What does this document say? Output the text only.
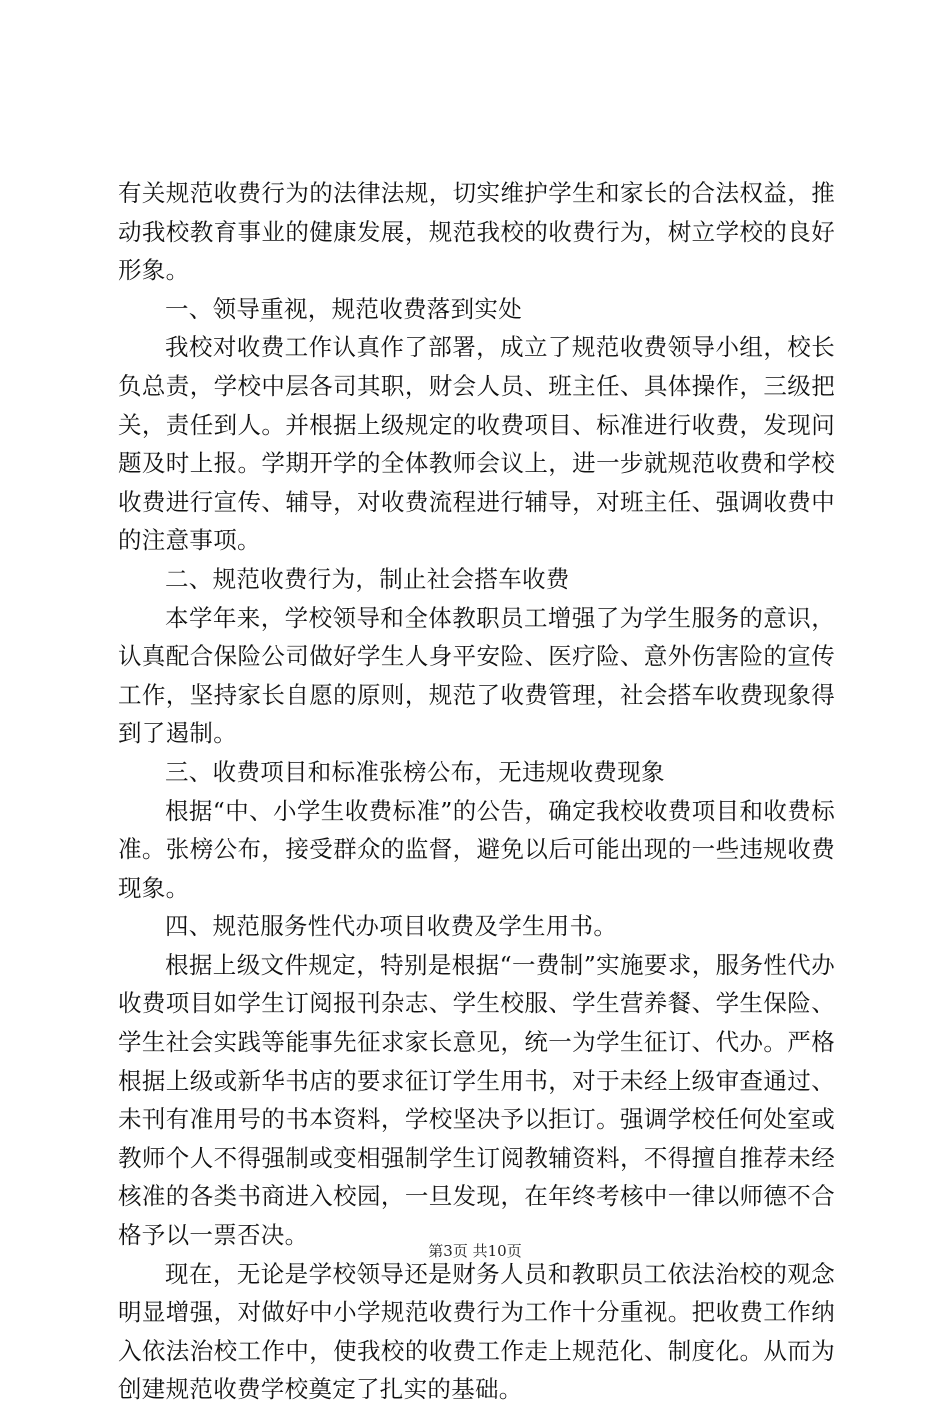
有关规范收费行为的法律法规，切实维护学生和家长的合法权益，推动我校教育事业的健康发展，规范我校的收费行为，树立学校的良好形象。

一、领导重视，规范收费落到实处

我校对收费工作认真作了部署，成立了规范收费领导小组，校长负总责，学校中层各司其职，财会人员、班主任、具体操作，三级把关，责任到人。并根据上级规定的收费项目、标准进行收费，发现问题及时上报。学期开学的全体教师会议上，进一步就规范收费和学校收费进行宣传、辅导，对收费流程进行辅导，对班主任、强调收费中的注意事项。

二、规范收费行为，制止社会搭车收费

本学年来，学校领导和全体教职员工增强了为学生服务的意识，认真配合保险公司做好学生人身平安险、医疗险、意外伤害险的宣传工作，坚持家长自愿的原则，规范了收费管理，社会搭车收费现象得到了遏制。

三、收费项目和标准张榜公布，无违规收费现象

根据“中、小学生收费标准”的公告，确定我校收费项目和收费标准。张榜公布，接受群众的监督，避免以后可能出现的一些违规收费现象。

四、规范服务性代办项目收费及学生用书。

根据上级文件规定，特别是根据“一费制”实施要求，服务性代办收费项目如学生订阅报刊杂志、学生校服、学生营养餐、学生保险、学生社会实践等能事先征求家长意见，统一为学生征订、代办。严格根据上级或新华书店的要求征订学生用书，对于未经上级审查通过、未刊有准用号的书本资料，学校坚决予以拒订。强调学校任何处室或教师个人不得强制或变相强制学生订阅教辅资料，不得擅自推荐未经核准的各类书商进入校园，一旦发现，在年终考核中一律以师德不合格予以一票否决。

现在，无论是学校领导还是财务人员和教职员工依法治校的观念明显增强，对做好中小学规范收费行为工作十分重视。把收费工作纳入依法治校工作中，使我校的收费工作走上规范化、制度化。从而为创建规范收费学校奠定了扎实的基础。

第3页 共10页
